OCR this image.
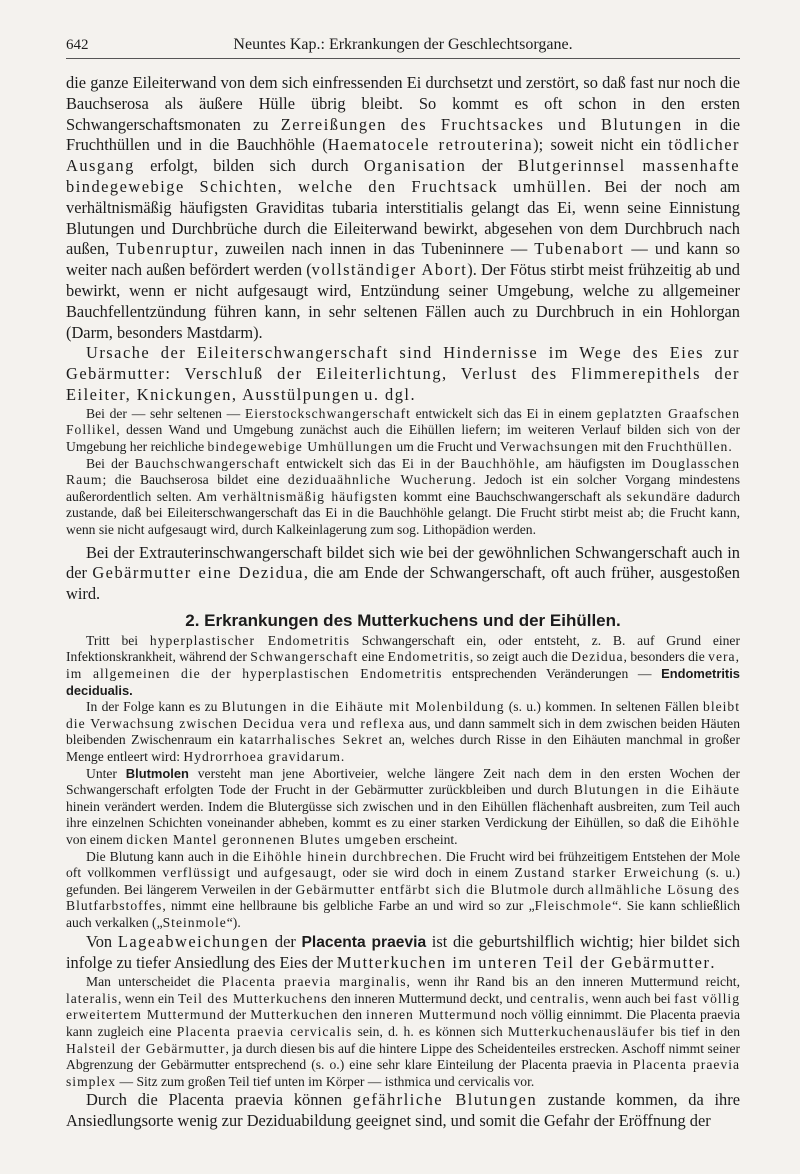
642	Neuntes Kap.: Erkrankungen der Geschlechtsorgane.

die ganze Eileiterwand von dem sich einfressenden Ei durchsetzt und zerstört, so daß fast nur noch die Bauchserosa als äußere Hülle übrig bleibt. So kommt es oft schon in den ersten Schwangerschaftsmonaten zu Zerreißungen des Fruchtsackes und Blutungen in die Fruchthüllen und in die Bauchhöhle (Haematocele retrouterina); soweit nicht ein tödlicher Ausgang erfolgt, bilden sich durch Organisation der Blutgerinnsel massenhafte bindegewebige Schichten, welche den Fruchtsack umhüllen. Bei der noch am verhältnismäßig häufigsten Graviditas tubaria interstitialis gelangt das Ei, wenn seine Einnistung Blutungen und Durchbrüche durch die Eileiterwand bewirkt, abgesehen von dem Durchbruch nach außen, Tubenruptur, zuweilen nach innen in das Tubeninnere — Tubenabort — und kann so weiter nach außen befördert werden (vollständiger Abort). Der Fötus stirbt meist frühzeitig ab und bewirkt, wenn er nicht aufgesaugt wird, Entzündung seiner Umgebung, welche zu allgemeiner Bauchfellentzündung führen kann, in sehr seltenen Fällen auch zu Durchbruch in ein Hohlorgan (Darm, besonders Mastdarm).

Ursache der Eileiterschwangerschaft sind Hindernisse im Wege des Eies zur Gebärmutter: Verschluß der Eileiterlichtung, Verlust des Flimmerepithels der Eileiter, Knickungen, Ausstülpungen u. dgl.

Bei der — sehr seltenen — Eierstockschwangerschaft entwickelt sich das Ei in einem geplatzten Graafschen Follikel, dessen Wand und Umgebung zunächst auch die Eihüllen liefern; im weiteren Verlauf bilden sich von der Umgebung her reichliche bindegewebige Umhüllungen um die Frucht und Verwachsungen mit den Fruchthüllen.

Bei der Bauchschwangerschaft entwickelt sich das Ei in der Bauchhöhle, am häufigsten im Douglasschen Raum; die Bauchserosa bildet eine deziduaähnliche Wucherung. Jedoch ist ein solcher Vorgang mindestens außerordentlich selten. Am verhältnismäßig häufigsten kommt eine Bauchschwangerschaft als sekundäre dadurch zustande, daß bei Eileiterschwangerschaft das Ei in die Bauchhöhle gelangt. Die Frucht stirbt meist ab; die Frucht kann, wenn sie nicht aufgesaugt wird, durch Kalkeinlagerung zum sog. Lithopädion werden.

Bei der Extrauterinschwangerschaft bildet sich wie bei der gewöhnlichen Schwangerschaft auch in der Gebärmutter eine Dezidua, die am Ende der Schwangerschaft, oft auch früher, ausgestoßen wird.

2. Erkrankungen des Mutterkuchens und der Eihüllen.

Tritt bei hyperplastischer Endometritis Schwangerschaft ein, oder entsteht, z. B. auf Grund einer Infektionskrankheit, während der Schwangerschaft eine Endometritis, so zeigt auch die Dezidua, besonders die vera, im allgemeinen die der hyperplastischen Endometritis entsprechenden Veränderungen — Endometritis decidualis.

In der Folge kann es zu Blutungen in die Eihäute mit Molenbildung (s. u.) kommen. In seltenen Fällen bleibt die Verwachsung zwischen Decidua vera und reflexa aus, und dann sammelt sich in dem zwischen beiden Häuten bleibenden Zwischenraum ein katarrhalisches Sekret an, welches durch Risse in den Eihäuten manchmal in großer Menge entleert wird: Hydrorrhoea gravidarum.

Unter Blutmolen versteht man jene Abortiveier, welche längere Zeit nach dem in den ersten Wochen der Schwangerschaft erfolgten Tode der Frucht in der Gebärmutter zurückbleiben und durch Blutungen in die Eihäute hinein verändert werden. Indem die Blutergüsse sich zwischen und in den Eihüllen flächenhaft ausbreiten, zum Teil auch ihre einzelnen Schichten voneinander abheben, kommt es zu einer starken Verdickung der Eihüllen, so daß die Eihöhle von einem dicken Mantel geronnenen Blutes umgeben erscheint.

Die Blutung kann auch in die Eihöhle hinein durchbrechen. Die Frucht wird bei frühzeitigem Entstehen der Mole oft vollkommen verflüssigt und aufgesaugt, oder sie wird doch in einem Zustand starker Erweichung (s. u.) gefunden. Bei längerem Verweilen in der Gebärmutter entfärbt sich die Blutmole durch allmähliche Lösung des Blutfarbstoffes, nimmt eine hellbraune bis gelbliche Farbe an und wird so zur „Fleischmole“. Sie kann schließlich auch verkalken („Steinmole“).

Von Lageabweichungen der Placenta praevia ist die geburtshilflich wichtig; hier bildet sich infolge zu tiefer Ansiedlung des Eies der Mutterkuchen im unteren Teil der Gebärmutter.

Man unterscheidet die Placenta praevia marginalis, wenn ihr Rand bis an den inneren Muttermund reicht, lateralis, wenn ein Teil des Mutterkuchens den inneren Muttermund deckt, und centralis, wenn auch bei fast völlig erweitertem Muttermund der Mutterkuchen den inneren Muttermund noch völlig einnimmt. Die Placenta praevia kann zugleich eine Placenta praevia cervicalis sein, d. h. es können sich Mutterkuchenausläufer bis tief in den Halsteil der Gebärmutter, ja durch diesen bis auf die hintere Lippe des Scheidenteiles erstrecken. Aschoff nimmt seiner Abgrenzung der Gebärmutter entsprechend (s. o.) eine sehr klare Einteilung der Placenta praevia in Placenta praevia simplex — Sitz zum großen Teil tief unten im Körper — isthmica und cervicalis vor.

Durch die Placenta praevia können gefährliche Blutungen zustande kommen, da ihre Ansiedlungsorte wenig zur Deziduabildung geeignet sind, und somit die Gefahr der Eröffnung der
